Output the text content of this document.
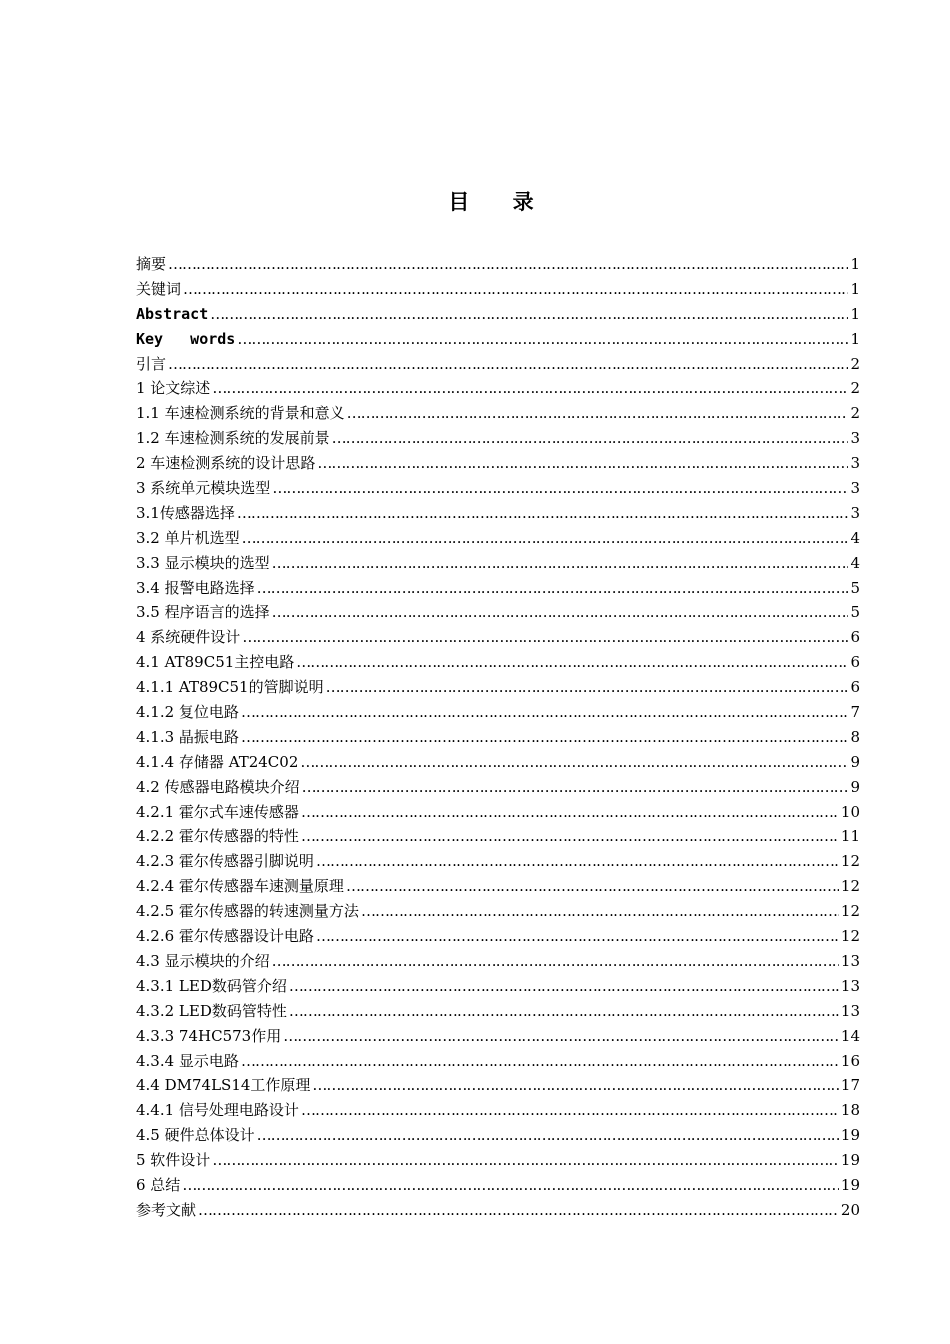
目 录
摘要 …………………………………………………………………………………………………………………………………………………………………………………………………………………………	1
关键词 …………………………………………………………………………………………………………………………………………………………………………………………………………………………	1
Abstract …………………………………………………………………………………………………………………………………………………………………………………………………………………………	1
Key   words …………………………………………………………………………………………………………………………………………………………………………………………………………………………	1
引言 …………………………………………………………………………………………………………………………………………………………………………………………………………………………	2
1 论文综述 …………………………………………………………………………………………………………………………………………………………………………………………………………………………	2
1.1 车速检测系统的背景和意义 …………………………………………………………………………………………………………………………………………………………………………………………………………………………	2
1.2 车速检测系统的发展前景 …………………………………………………………………………………………………………………………………………………………………………………………………………………………	3
2 车速检测系统的设计思路 …………………………………………………………………………………………………………………………………………………………………………………………………………………………	3
3 系统单元模块选型 …………………………………………………………………………………………………………………………………………………………………………………………………………………………	3
3.1传感器选择 …………………………………………………………………………………………………………………………………………………………………………………………………………………………	3
3.2 单片机选型 …………………………………………………………………………………………………………………………………………………………………………………………………………………………	4
3.3 显示模块的选型 …………………………………………………………………………………………………………………………………………………………………………………………………………………………	4
3.4 报警电路选择 …………………………………………………………………………………………………………………………………………………………………………………………………………………………	5
3.5 程序语言的选择 …………………………………………………………………………………………………………………………………………………………………………………………………………………………	5
4 系统硬件设计 …………………………………………………………………………………………………………………………………………………………………………………………………………………………	6
4.1 AT89C51主控电路 …………………………………………………………………………………………………………………………………………………………………………………………………………………………	6
4.1.1 AT89C51的管脚说明 …………………………………………………………………………………………………………………………………………………………………………………………………………………………	6
4.1.2 复位电路 …………………………………………………………………………………………………………………………………………………………………………………………………………………………	7
4.1.3 晶振电路 …………………………………………………………………………………………………………………………………………………………………………………………………………………………	8
4.1.4 存储器 AT24C02 …………………………………………………………………………………………………………………………………………………………………………………………………………………………	9
4.2 传感器电路模块介绍 …………………………………………………………………………………………………………………………………………………………………………………………………………………………	9
4.2.1 霍尔式车速传感器 …………………………………………………………………………………………………………………………………………………………………………………………………………………………	10
4.2.2 霍尔传感器的特性 …………………………………………………………………………………………………………………………………………………………………………………………………………………………	11
4.2.3 霍尔传感器引脚说明 …………………………………………………………………………………………………………………………………………………………………………………………………………………………	12
4.2.4 霍尔传感器车速测量原理 …………………………………………………………………………………………………………………………………………………………………………………………………………………………	12
4.2.5 霍尔传感器的转速测量方法 …………………………………………………………………………………………………………………………………………………………………………………………………………………………	12
4.2.6 霍尔传感器设计电路 …………………………………………………………………………………………………………………………………………………………………………………………………………………………	12
4.3 显示模块的介绍 …………………………………………………………………………………………………………………………………………………………………………………………………………………………	13
4.3.1 LED数码管介绍 …………………………………………………………………………………………………………………………………………………………………………………………………………………………	13
4.3.2 LED数码管特性 …………………………………………………………………………………………………………………………………………………………………………………………………………………………	13
4.3.3 74HC573作用 …………………………………………………………………………………………………………………………………………………………………………………………………………………………	14
4.3.4 显示电路 …………………………………………………………………………………………………………………………………………………………………………………………………………………………	16
4.4 DM74LS14工作原理 …………………………………………………………………………………………………………………………………………………………………………………………………………………………	17
4.4.1 信号处理电路设计 …………………………………………………………………………………………………………………………………………………………………………………………………………………………	18
4.5 硬件总体设计 …………………………………………………………………………………………………………………………………………………………………………………………………………………………	19
5 软件设计 …………………………………………………………………………………………………………………………………………………………………………………………………………………………	19
6 总结 …………………………………………………………………………………………………………………………………………………………………………………………………………………………	19
参考文献 …………………………………………………………………………………………………………………………………………………………………………………………………………………………	20
